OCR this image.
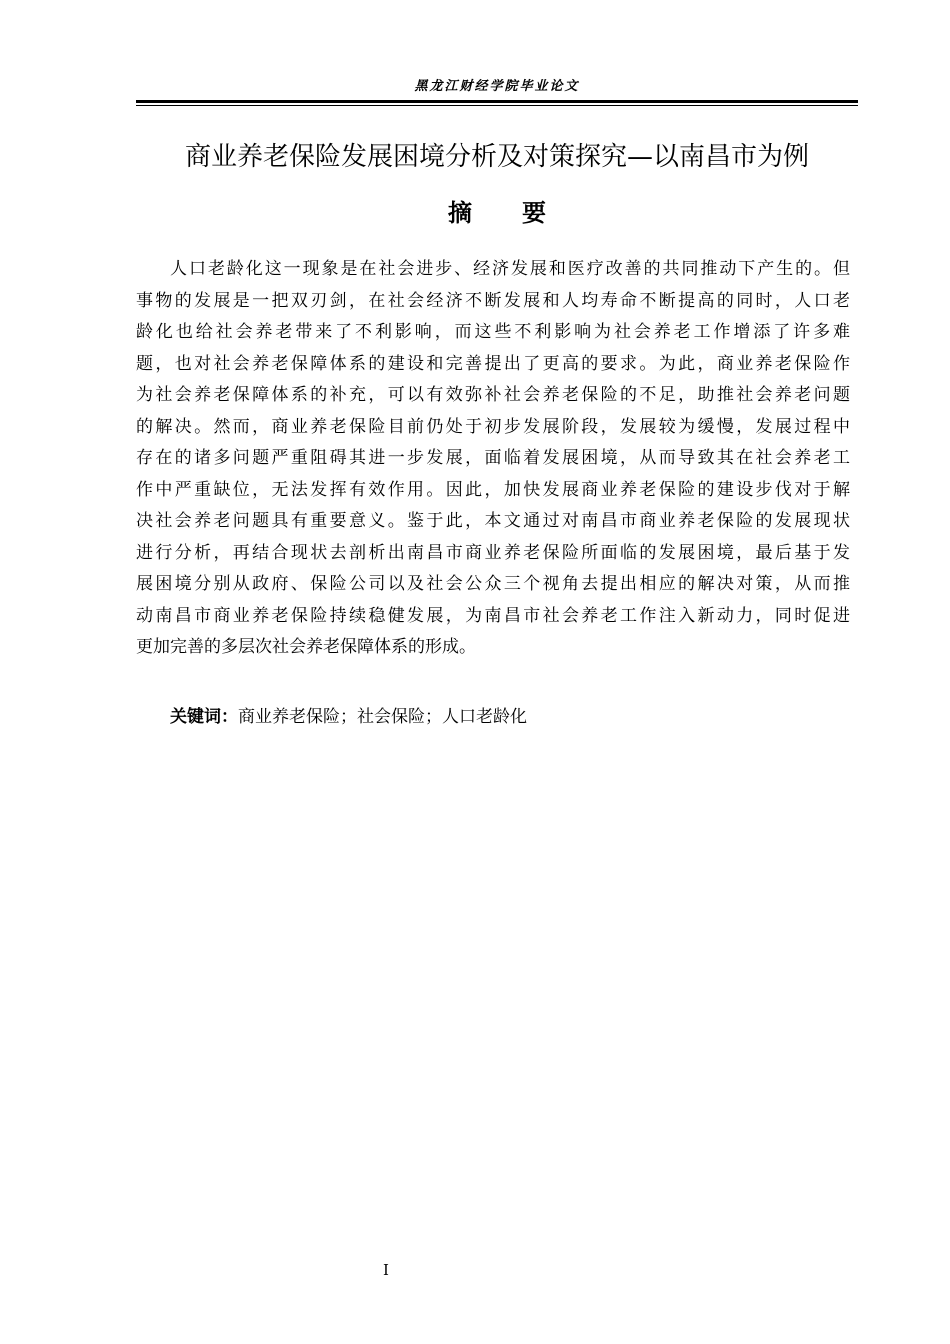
黑龙江财经学院毕业论文
商业养老保险发展困境分析及对策探究—以南昌市为例
摘要
人口老龄化这一现象是在社会进步、经济发展和医疗改善的共同推动下产生的。但
事物的发展是一把双刃剑，在社会经济不断发展和人均寿命不断提高的同时，人口老
龄化也给社会养老带来了不利影响，而这些不利影响为社会养老工作增添了许多难
题，也对社会养老保障体系的建设和完善提出了更高的要求。为此，商业养老保险作
为社会养老保障体系的补充，可以有效弥补社会养老保险的不足，助推社会养老问题
的解决。然而，商业养老保险目前仍处于初步发展阶段，发展较为缓慢，发展过程中
存在的诸多问题严重阻碍其进一步发展，面临着发展困境，从而导致其在社会养老工
作中严重缺位，无法发挥有效作用。因此，加快发展商业养老保险的建设步伐对于解
决社会养老问题具有重要意义。鉴于此，本文通过对南昌市商业养老保险的发展现状
进行分析，再结合现状去剖析出南昌市商业养老保险所面临的发展困境，最后基于发
展困境分别从政府、保险公司以及社会公众三个视角去提出相应的解决对策，从而推
动南昌市商业养老保险持续稳健发展，为南昌市社会养老工作注入新动力，同时促进
更加完善的多层次社会养老保障体系的形成。
关键词：商业养老保险；社会保险；人口老龄化
I
